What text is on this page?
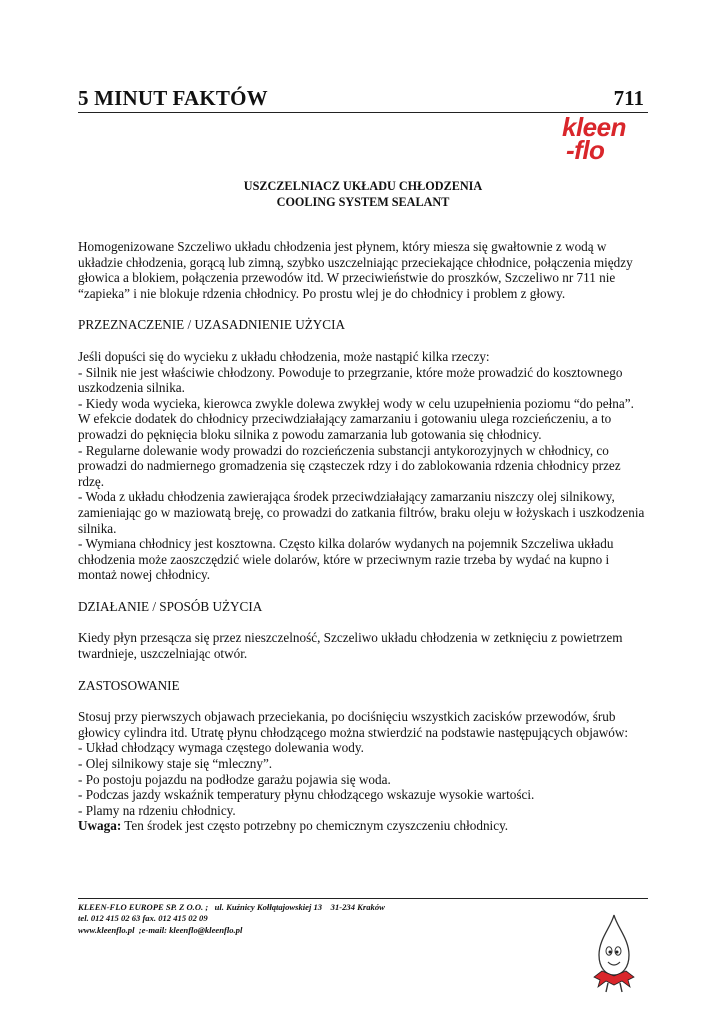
5 MINUT FAKTÓW	711
kleen
-flo
USZCZELNIACZ UKŁADU CHŁODZENIA
COOLING SYSTEM SEALANT

Homogenizowane Szczeliwo układu chłodzenia jest płynem, który miesza się gwałtownie z wodą w układzie chłodzenia, gorącą lub zimną, szybko uszczelniając przeciekające chłodnice, połączenia między głowica a blokiem, połączenia przewodów itd. W przeciwieństwie do proszków, Szczeliwo nr 711 nie “zapieka” i nie blokuje rdzenia chłodnicy. Po prostu wlej je do chłodnicy i problem z głowy.

PRZEZNACZENIE / UZASADNIENIE UŻYCIA

Jeśli dopuści się do wycieku z układu chłodzenia, może nastąpić kilka rzeczy:

- Silnik nie jest właściwie chłodzony. Powoduje to przegrzanie, które może prowadzić do kosztownego uszkodzenia silnika.

- Kiedy woda wycieka, kierowca zwykle dolewa zwykłej wody w celu uzupełnienia poziomu “do pełna”. W efekcie dodatek do chłodnicy przeciwdziałający zamarzaniu i gotowaniu ulega rozcieńczeniu, a to prowadzi do pęknięcia bloku silnika z powodu zamarzania lub gotowania się chłodnicy.

- Regularne dolewanie wody prowadzi do rozcieńczenia substancji antykorozyjnych w chłodnicy, co prowadzi do nadmiernego gromadzenia się cząsteczek rdzy i do zablokowania rdzenia chłodnicy przez rdzę.

- Woda z układu chłodzenia zawierająca środek przeciwdziałający zamarzaniu niszczy olej silnikowy, zamieniając go w maziowatą breję, co prowadzi do zatkania filtrów, braku oleju w łożyskach i uszkodzenia silnika.

- Wymiana chłodnicy jest kosztowna. Często kilka dolarów wydanych na pojemnik Szczeliwa układu chłodzenia może zaoszczędzić wiele dolarów, które w przeciwnym razie trzeba by wydać na kupno i montaż nowej chłodnicy.

DZIAŁANIE / SPOSÓB UŻYCIA

Kiedy płyn przesącza się przez nieszczelność, Szczeliwo układu chłodzenia w zetknięciu z powietrzem twardnieje, uszczelniając otwór.

ZASTOSOWANIE

Stosuj przy pierwszych objawach przeciekania, po dociśnięciu wszystkich zacisków przewodów, śrub głowicy cylindra itd. Utratę płynu chłodzącego można stwierdzić na podstawie następujących objawów:

- Układ chłodzący wymaga częstego dolewania wody.

- Olej silnikowy staje się “mleczny”.

- Po postoju pojazdu na podłodze garażu pojawia się woda.

- Podczas jazdy wskaźnik temperatury płynu chłodzącego wskazuje wysokie wartości.

- Plamy na rdzeniu chłodnicy.

Uwaga: Ten środek jest często potrzebny po chemicznym czyszczeniu chłodnicy.

KLEEN-FLO EUROPE SP. Z O.O. ;   ul. Kuźnicy Kołłątajowskiej 13    31-234 Kraków

tel. 012 415 02 63 fax. 012 415 02 09

www.kleenflo.pl  ;e-mail: kleenflo@kleenflo.pl
